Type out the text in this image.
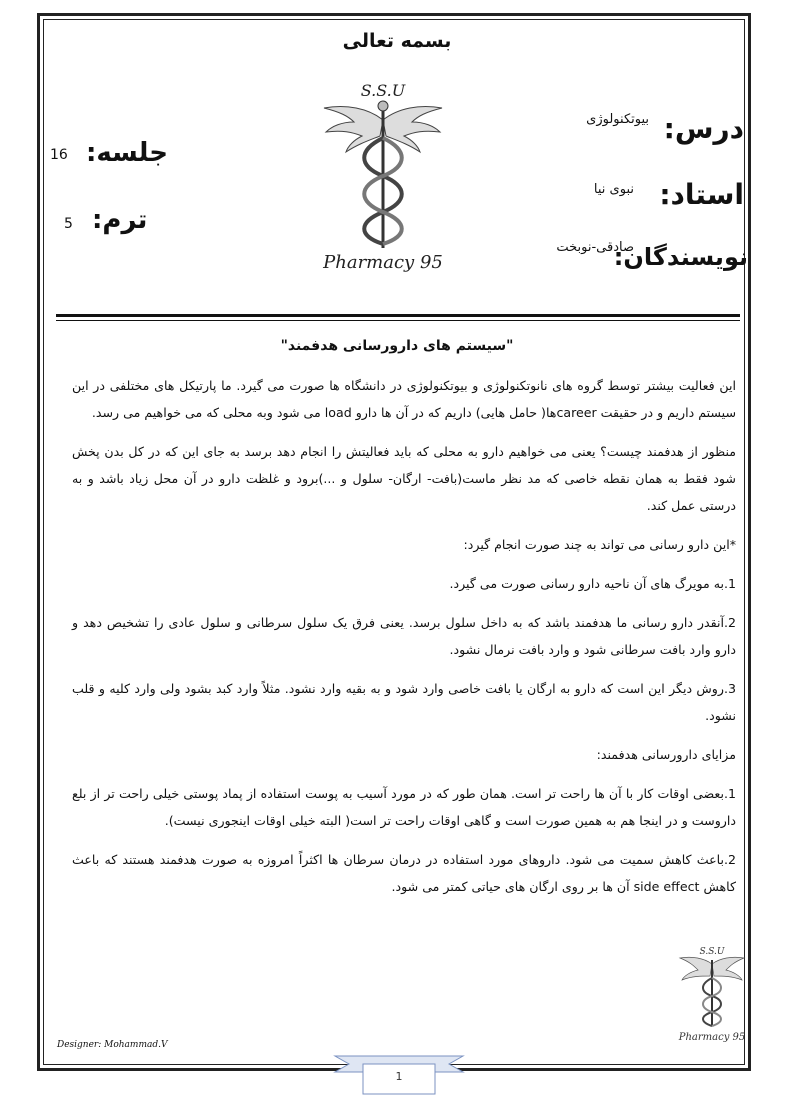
بسمه تعالی
درس:
بیوتکنولوژی
استاد:
نبوی نیا
نویسندگان:
صادقی-نوبخت
جلسه:
16
ترم:
5
S.S.U
Pharmacy 95
"سیستم های دارورسانی هدفمند"

این فعالیت بیشتر توسط گروه های نانوتکنولوژی و بیوتکنولوژی در دانشگاه ها صورت می گیرد. ما پارتیکل های مختلفی در این سیستم داریم و در حقیقت careerها( حامل هایی) داریم که در آن ها دارو load می شود وبه محلی که می خواهیم می رسد.

منظور از هدفمند چیست؟ یعنی می خواهیم دارو به محلی که باید فعالیتش را انجام دهد برسد به جای این که در کل بدن پخش شود فقط به همان نقطه خاصی که مد نظر ماست(بافت- ارگان- سلول و ...)برود و غلظت دارو در آن محل زیاد باشد و به درستی عمل کند.

*این دارو رسانی می تواند به چند صورت انجام گیرد:

1.به مویرگ های آن ناحیه دارو رسانی صورت می گیرد.

2.آنقدر دارو رسانی ما هدفمند باشد که به داخل سلول برسد. یعنی فرق یک سلول سرطانی و سلول عادی را تشخیص دهد و دارو وارد بافت سرطانی شود و وارد بافت نرمال نشود.

3.روش دیگر این است که دارو به ارگان یا بافت خاصی وارد شود و به بقیه وارد نشود. مثلاً وارد کبد بشود ولی وارد کلیه و قلب نشود.

مزایای دارورسانی هدفمند:

1.بعضی اوقات کار با آن ها راحت تر است. همان طور که در مورد آسیب به پوست استفاده از پماد پوستی خیلی راحت تر از بلع داروست و در اینجا هم به همین صورت است و گاهی اوقات راحت تر است( البته خیلی اوقات اینجوری نیست).

2.باعث کاهش سمیت می شود. داروهای مورد استفاده در درمان سرطان ها اکثراً امروزه به صورت هدفمند هستند که باعث کاهش side effect آن ها بر روی ارگان های حیاتی کمتر می شود.

S.S.U
Pharmacy 95
Designer: Mohammad.V
1
